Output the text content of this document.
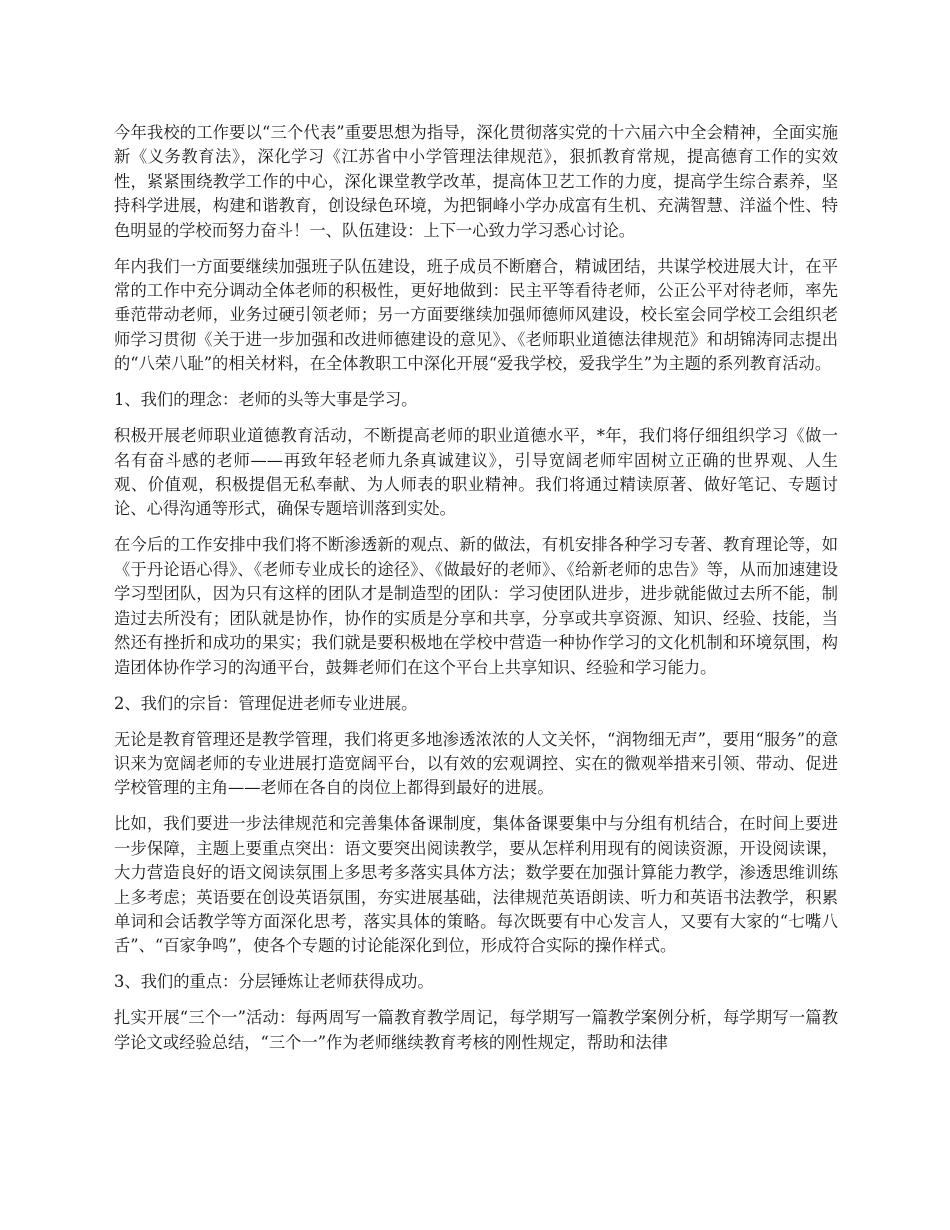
今年我校的工作要以“三个代表”重要思想为指导，深化贯彻落实党的十六届六中全会精神，全面实施新《义务教育法》，深化学习《江苏省中小学管理法律规范》，狠抓教育常规，提高德育工作的实效性，紧紧围绕教学工作的中心，深化课堂教学改革，提高体卫艺工作的力度，提高学生综合素养，坚持科学进展，构建和谐教育，创设绿色环境，为把铜峰小学办成富有生机、充满智慧、洋溢个性、特色明显的学校而努力奋斗！一、队伍建设：上下一心致力学习悉心讨论。

年内我们一方面要继续加强班子队伍建设，班子成员不断磨合，精诚团结，共谋学校进展大计，在平常的工作中充分调动全体老师的积极性，更好地做到：民主平等看待老师，公正公平对待老师，率先垂范带动老师，业务过硬引领老师；另一方面要继续加强师德师风建设，校长室会同学校工会组织老师学习贯彻《关于进一步加强和改进师德建设的意见》、《老师职业道德法律规范》和胡锦涛同志提出的“八荣八耻”的相关材料，在全体教职工中深化开展“爱我学校，爱我学生”为主题的系列教育活动。

1、我们的理念：老师的头等大事是学习。

积极开展老师职业道德教育活动，不断提高老师的职业道德水平，*年，我们将仔细组织学习《做一名有奋斗感的老师——再致年轻老师九条真诚建议》，引导宽阔老师牢固树立正确的世界观、人生观、价值观，积极提倡无私奉献、为人师表的职业精神。我们将通过精读原著、做好笔记、专题讨论、心得沟通等形式，确保专题培训落到实处。

在今后的工作安排中我们将不断渗透新的观点、新的做法，有机安排各种学习专著、教育理论等，如《于丹论语心得》、《老师专业成长的途径》、《做最好的老师》、《给新老师的忠告》等，从而加速建设学习型团队，因为只有这样的团队才是制造型的团队：学习使团队进步，进步就能做过去所不能，制造过去所没有；团队就是协作，协作的实质是分享和共享，分享或共享资源、知识、经验、技能，当然还有挫折和成功的果实；我们就是要积极地在学校中营造一种协作学习的文化机制和环境氛围，构造团体协作学习的沟通平台，鼓舞老师们在这个平台上共享知识、经验和学习能力。

2、我们的宗旨：管理促进老师专业进展。

无论是教育管理还是教学管理，我们将更多地渗透浓浓的人文关怀，“润物细无声”，要用“服务”的意识来为宽阔老师的专业进展打造宽阔平台，以有效的宏观调控、实在的微观举措来引领、带动、促进学校管理的主角——老师在各自的岗位上都得到最好的进展。

比如，我们要进一步法律规范和完善集体备课制度，集体备课要集中与分组有机结合，在时间上要进一步保障，主题上要重点突出：语文要突出阅读教学，要从怎样利用现有的阅读资源，开设阅读课，大力营造良好的语文阅读氛围上多思考多落实具体方法；数学要在加强计算能力教学，渗透思维训练上多考虑；英语要在创设英语氛围，夯实进展基础，法律规范英语朗读、听力和英语书法教学，积累单词和会话教学等方面深化思考，落实具体的策略。每次既要有中心发言人，又要有大家的“七嘴八舌”、“百家争鸣”，使各个专题的讨论能深化到位，形成符合实际的操作样式。

3、我们的重点：分层锤炼让老师获得成功。

扎实开展“三个一”活动：每两周写一篇教育教学周记，每学期写一篇教学案例分析，每学期写一篇教学论文或经验总结，“三个一”作为老师继续教育考核的刚性规定，帮助和法律
